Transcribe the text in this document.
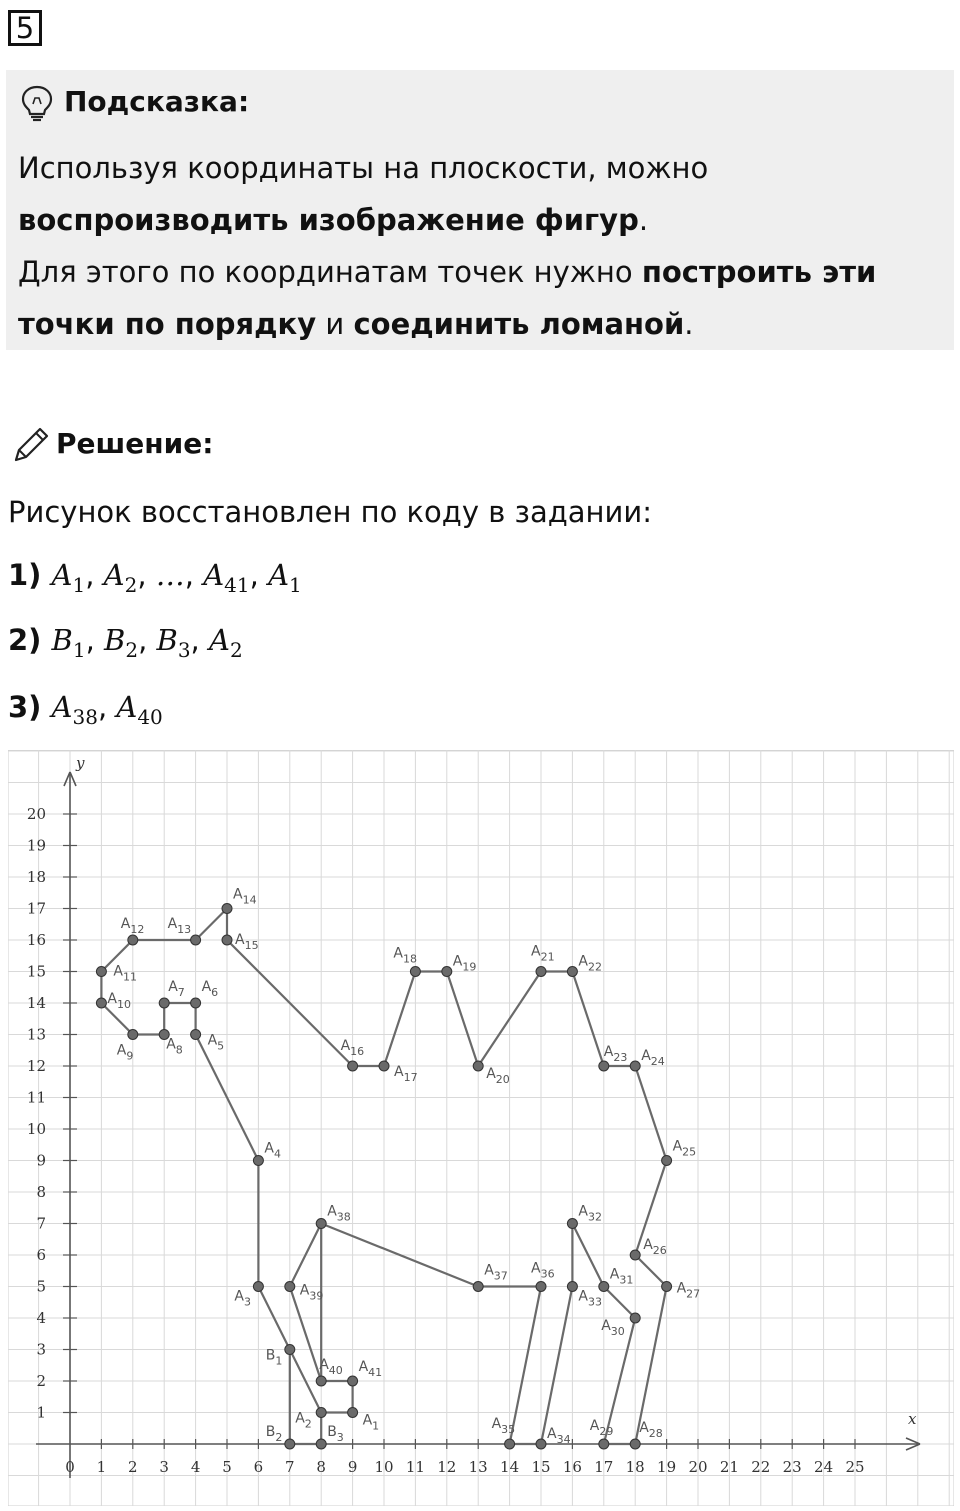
5
Подсказка:
Используя координаты на плоскости, можно
воспроизводить изображение фигур.
Для этого по координатам точек нужно построить эти
точки по порядку и соединить ломаной.
Решение:
Рисунок восстановлен по коду в задании:
1) $A_1$, $A_2$, …, $A_{41}$, $A_1$
2) $B_1$, $B_2$, $B_3$, $A_2$
3) $A_{38}$, $A_{40}$
x
y
0 1 2 3 4 5 6 7 8 9 10 11 12 13 14 15 16 17 18 19 20 21 22 23 24 25
1
2
3
4
5
6
7
8
9
10
11
12
13
14
15
16
17
18
19
20
$A_1$
$A_2$
$A_3$
$A_4$
$A_5$
$A_6$
$A_7$
$A_8$
$A_9$
$A_{10}$
$A_{11}$
$A_{12}$ $A_{13}$
$A_{14}$
$A_{15}$
$A_{16}$
$A_{17}$
$A_{18}$	$A_{19}$
$A_{20}$
$A_{21}$ $A_{22}$
$A_{23}$ $A_{24}$
$A_{25}$
$A_{26}$
$A_{27}$
$A_{28}$
$A_{29}$
$A_{30}$
$A_{31}$
$A_{32}$
$A_{33}$
$A_{34}$
$A_{35}$
$A_{36}$
$A_{37}$
$A_{38}$
$A_{39}$
$A_{40}$ $A_{41}$
$B_1$
$B_2$	$B_3$
